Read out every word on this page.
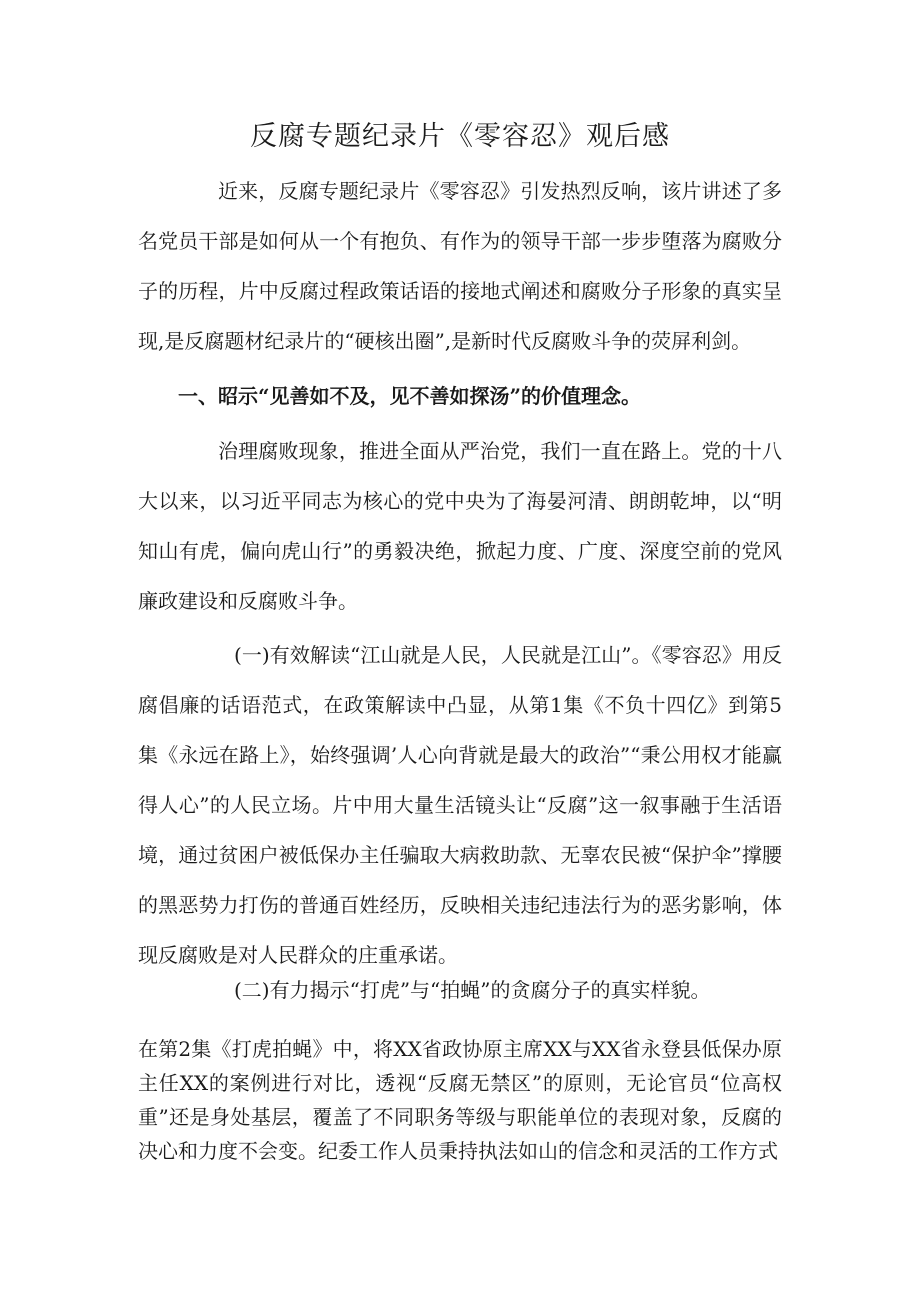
反腐专题纪录片《零容忍》观后感

近来，反腐专题纪录片《零容忍》引发热烈反响，该片讲述了多名党员干部是如何从一个有抱负、有作为的领导干部一步步堕落为腐败分子的历程，片中反腐过程政策话语的接地式阐述和腐败分子形象的真实呈现,是反腐题材纪录片的“硬核出圈”,是新时代反腐败斗争的荧屏利剑。

一、昭示“见善如不及，见不善如探汤”的价值理念。

治理腐败现象，推进全面从严治党，我们一直在路上。党的十八大以来，以习近平同志为核心的党中央为了海晏河清、朗朗乾坤，以“明知山有虎，偏向虎山行”的勇毅决绝，掀起力度、广度、深度空前的党风廉政建设和反腐败斗争。

(一)有效解读“江山就是人民，人民就是江山”。《零容忍》用反腐倡廉的话语范式，在政策解读中凸显，从第1集《不负十四亿》到第5集《永远在路上》，始终强调’人心向背就是最大的政治”“秉公用权才能赢得人心”的人民立场。片中用大量生活镜头让“反腐”这一叙事融于生活语境，通过贫困户被低保办主任骗取大病救助款、无辜农民被“保护伞”撑腰的黑恶势力打伤的普通百姓经历，反映相关违纪违法行为的恶劣影响，体现反腐败是对人民群众的庄重承诺。

(二)有力揭示“打虎”与“拍蝇”的贪腐分子的真实样貌。

在第2集《打虎拍蝇》中，将XX省政协原主席XX与XX省永登县低保办原主任XX的案例进行对比，透视“反腐无禁区”的原则，无论官员“位高权重”还是身处基层，覆盖了不同职务等级与职能单位的表现对象，反腐的决心和力度不会变。纪委工作人员秉持执法如山的信念和灵活的工作方式
